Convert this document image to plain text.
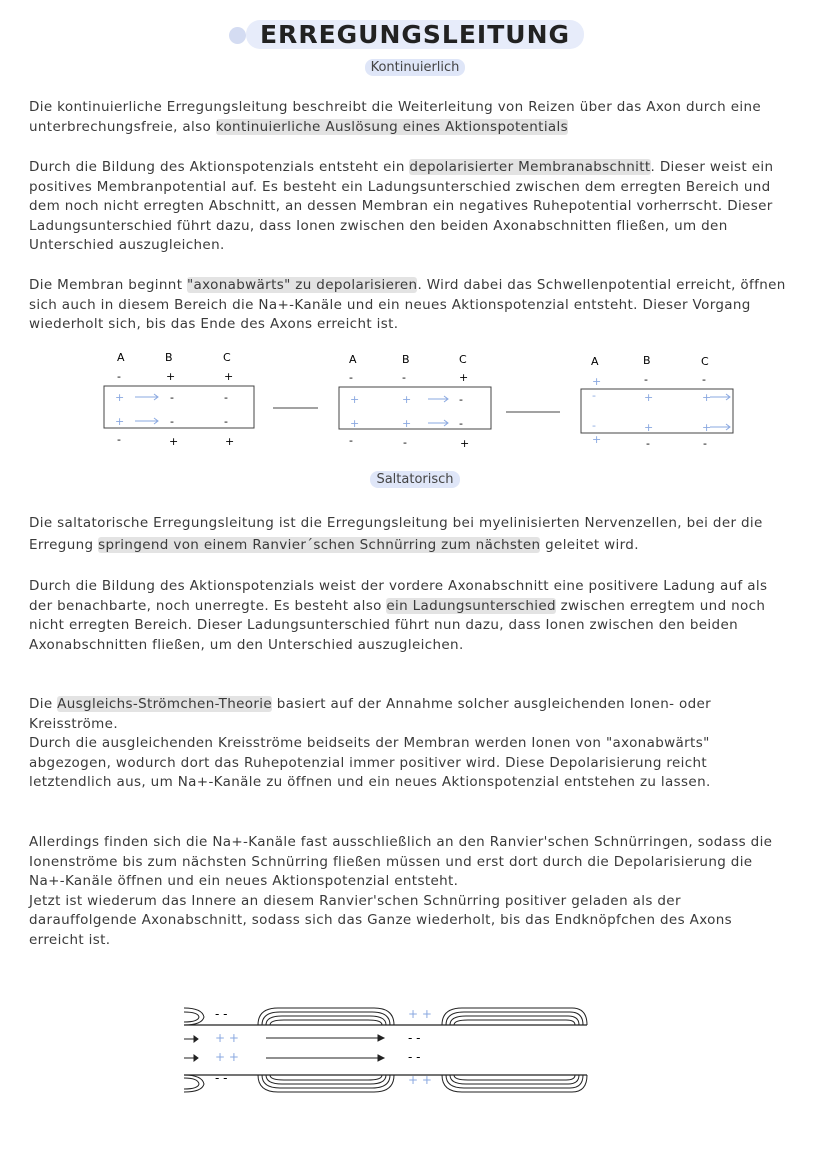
ERREGUNGSLEITUNG
Kontinuierlich
Die kontinuierliche Erregungsleitung beschreibt die Weiterleitung von Reizen über das Axon durch eine unterbrechungsfreie, also kontinuierliche Auslösung eines Aktionspotentials
Durch die Bildung des Aktionspotenzials entsteht ein depolarisierter Membranabschnitt. Dieser weist ein positives Membranpotential auf. Es besteht ein Ladungsunterschied zwischen dem erregten Bereich und dem noch nicht erregten Abschnitt, an dessen Membran ein negatives Ruhepotential vorherrscht. Dieser Ladungsunterschied führt dazu, dass Ionen zwischen den beiden Axonabschnitten fließen, um den Unterschied auszugleichen.
Die Membran beginnt "axonabwärts" zu depolarisieren. Wird dabei das Schwellenpotential erreicht, öffnen sich auch in diesem Bereich die Na+-Kanäle und ein neues Aktionspotenzial entsteht. Dieser Vorgang wiederholt sich, bis das Ende des Axons erreicht ist.
A	B	C
-	+	+
+	-	-
+	-	-
-	+	+
A	B	C
-	-	+
+	+	-
+	+	-
-	-	+
A	B	C
+	-	-
-	+	+
-	+	+
+	-	-
Saltatorisch
Die saltatorische Erregungsleitung ist die Erregungsleitung bei myelinisierten Nervenzellen, bei der die Erregung springend von einem Ranvier´schen Schnürring zum nächsten geleitet wird.
Durch die Bildung des Aktionspotenzials weist der vordere Axonabschnitt eine positivere Ladung auf als der benachbarte, noch unerregte. Es besteht also ein Ladungsunterschied zwischen erregtem und noch nicht erregten Bereich. Dieser Ladungsunterschied führt nun dazu, dass Ionen zwischen den beiden Axonabschnitten fließen, um den Unterschied auszugleichen.
Die Ausgleichs-Strömchen-Theorie basiert auf der Annahme solcher ausgleichenden Ionen- oder Kreisströme.
Durch die ausgleichenden Kreisströme beidseits der Membran werden Ionen von "axonabwärts" abgezogen, wodurch dort das Ruhepotenzial immer positiver wird. Diese Depolarisierung reicht letztendlich aus, um Na+-Kanäle zu öffnen und ein neues Aktionspotenzial entstehen zu lassen.
Allerdings finden sich die Na+-Kanäle fast ausschließlich an den Ranvier'schen Schnürringen, sodass die Ionenströme bis zum nächsten Schnürring fließen müssen und erst dort durch die Depolarisierung die Na+-Kanäle öffnen und ein neues Aktionspotenzial entsteht.
Jetzt ist wiederum das Innere an diesem Ranvier'schen Schnürring positiver geladen als der darauffolgende Axonabschnitt, sodass sich das Ganze wiederholt, bis das Endknöpfchen des Axons erreicht ist.
- -
+ +
+ +
- -
+ +
- -
- -
+ +
